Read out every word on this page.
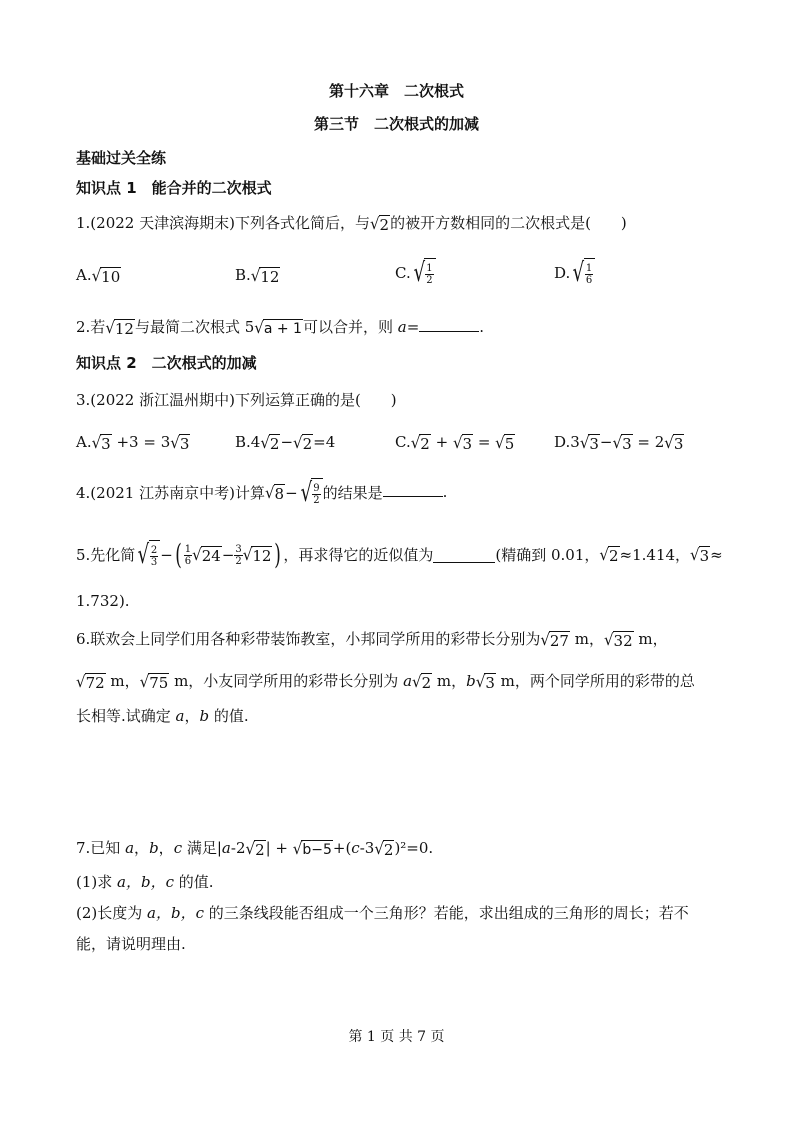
第十六章　二次根式
第三节　二次根式的加减
基础过关全练
知识点 1　能合并的二次根式
1.(2022 天津滨海期末)下列各式化简后，与 √ 2 的被开方数相同的二次根式是(　　)
A. √ 10	B. √ 12	C. √ $\frac{1}{2}$	D. √ $\frac{1}{6}$
2.若 √ 12 与最简二次根式 5 √ a + 1 可以合并，则 a=	.
知识点 2　二次根式的加减
3.(2022 浙江温州期中)下列运算正确的是(　　)
A. √ 3 +3 = 3 √ 3	B.4 √ 2 − √ 2 =4	C. √ 2 + √ 3 = √ 5	D.3 √ 3 − √ 3 = 2 √ 3
4.(2021 江苏南京中考)计算 √ 8 − √ $\frac{9}{2}$ 的结果是	.
5.先化简 √ $\frac{2}{3}$ −( $\frac{1}{6}$ √ $24 - \frac{3}{2}$ √ 12 ) ，再求得它的近似值为	(精确到 0.01， √ 2 ≈1.414， √ 3 ≈
1.732).
6.联欢会上同学们用各种彩带装饰教室，小邦同学所用的彩带长分别为 √ 27 m， √ 32 m，
√ 72 m， √ 75 m，小友同学所用的彩带长分别为 a √ 2 m，b √ 3 m，两个同学所用的彩带的总
长相等.试确定 a，b 的值.
7.已知 a，b，c 满足|a-2 √ 2 | + √ b−5 +(c-3 √ 2 )²=0.
(1)求 a，b，c 的值.
(2)长度为 a，b，c 的三条线段能否组成一个三角形？若能，求出组成的三角形的周长；若不
能，请说明理由.
第 1 页 共 7 页
